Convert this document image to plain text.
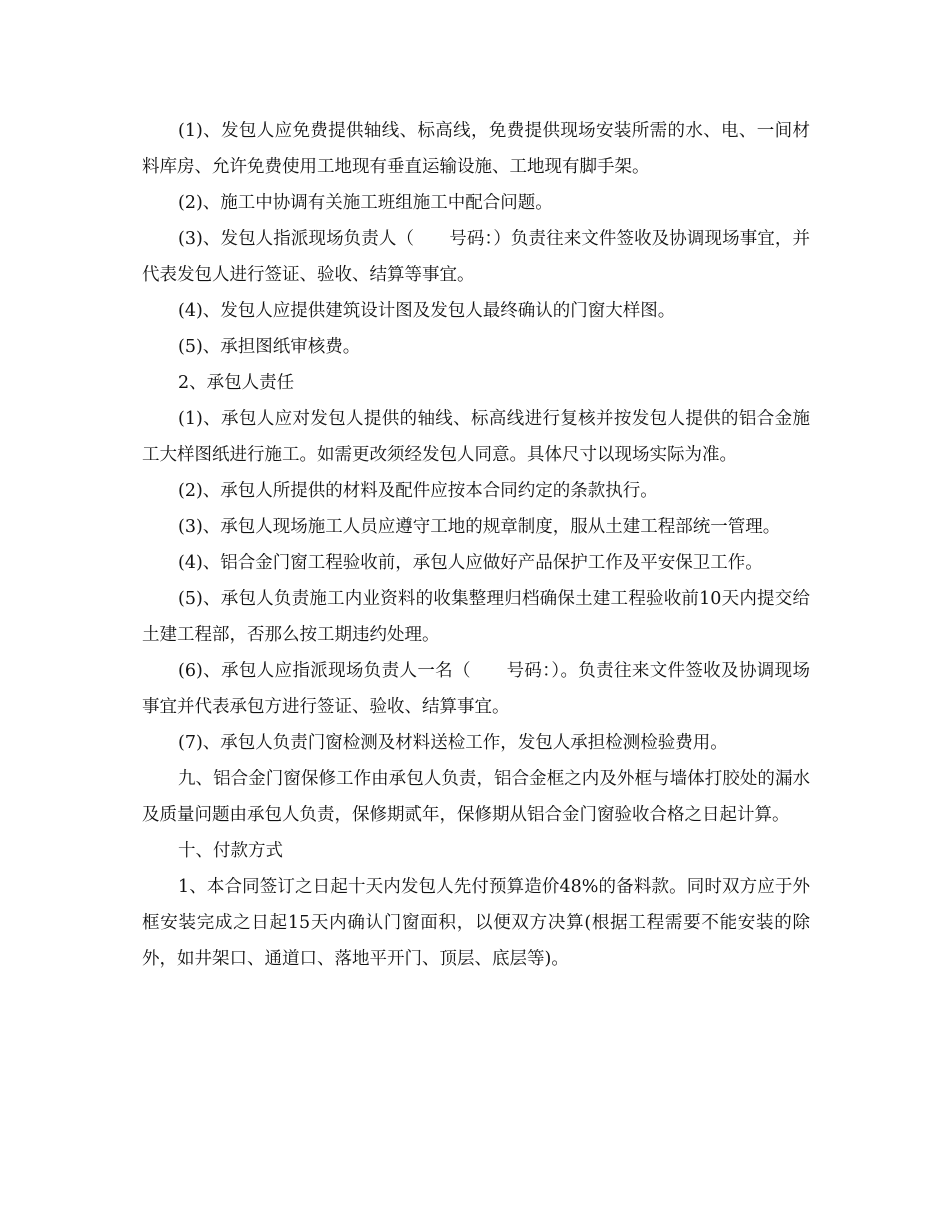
(1)、发包人应免费提供轴线、标高线，免费提供现场安装所需的水、电、一间材料库房、允许免费使用工地现有垂直运输设施、工地现有脚手架。

(2)、施工中协调有关施工班组施工中配合问题。

(3)、发包人指派现场负责人（　　号码：）负责往来文件签收及协调现场事宜，并代表发包人进行签证、验收、结算等事宜。

(4)、发包人应提供建筑设计图及发包人最终确认的门窗大样图。

(5)、承担图纸审核费。

2、承包人责任

(1)、承包人应对发包人提供的轴线、标高线进行复核并按发包人提供的铝合金施工大样图纸进行施工。如需更改须经发包人同意。具体尺寸以现场实际为准。

(2)、承包人所提供的材料及配件应按本合同约定的条款执行。

(3)、承包人现场施工人员应遵守工地的规章制度，服从土建工程部统一管理。

(4)、铝合金门窗工程验收前，承包人应做好产品保护工作及平安保卫工作。

(5)、承包人负责施工内业资料的收集整理归档确保土建工程验收前10天内提交给土建工程部，否那么按工期违约处理。

(6)、承包人应指派现场负责人一名（　　号码：）。负责往来文件签收及协调现场事宜并代表承包方进行签证、验收、结算事宜。

(7)、承包人负责门窗检测及材料送检工作，发包人承担检测检验费用。

九、铝合金门窗保修工作由承包人负责，铝合金框之内及外框与墙体打胶处的漏水及质量问题由承包人负责，保修期贰年，保修期从铝合金门窗验收合格之日起计算。

十、付款方式

1、本合同签订之日起十天内发包人先付预算造价48%的备料款。同时双方应于外框安装完成之日起15天内确认门窗面积，以便双方决算(根据工程需要不能安装的除外，如井架口、通道口、落地平开门、顶层、底层等)。
